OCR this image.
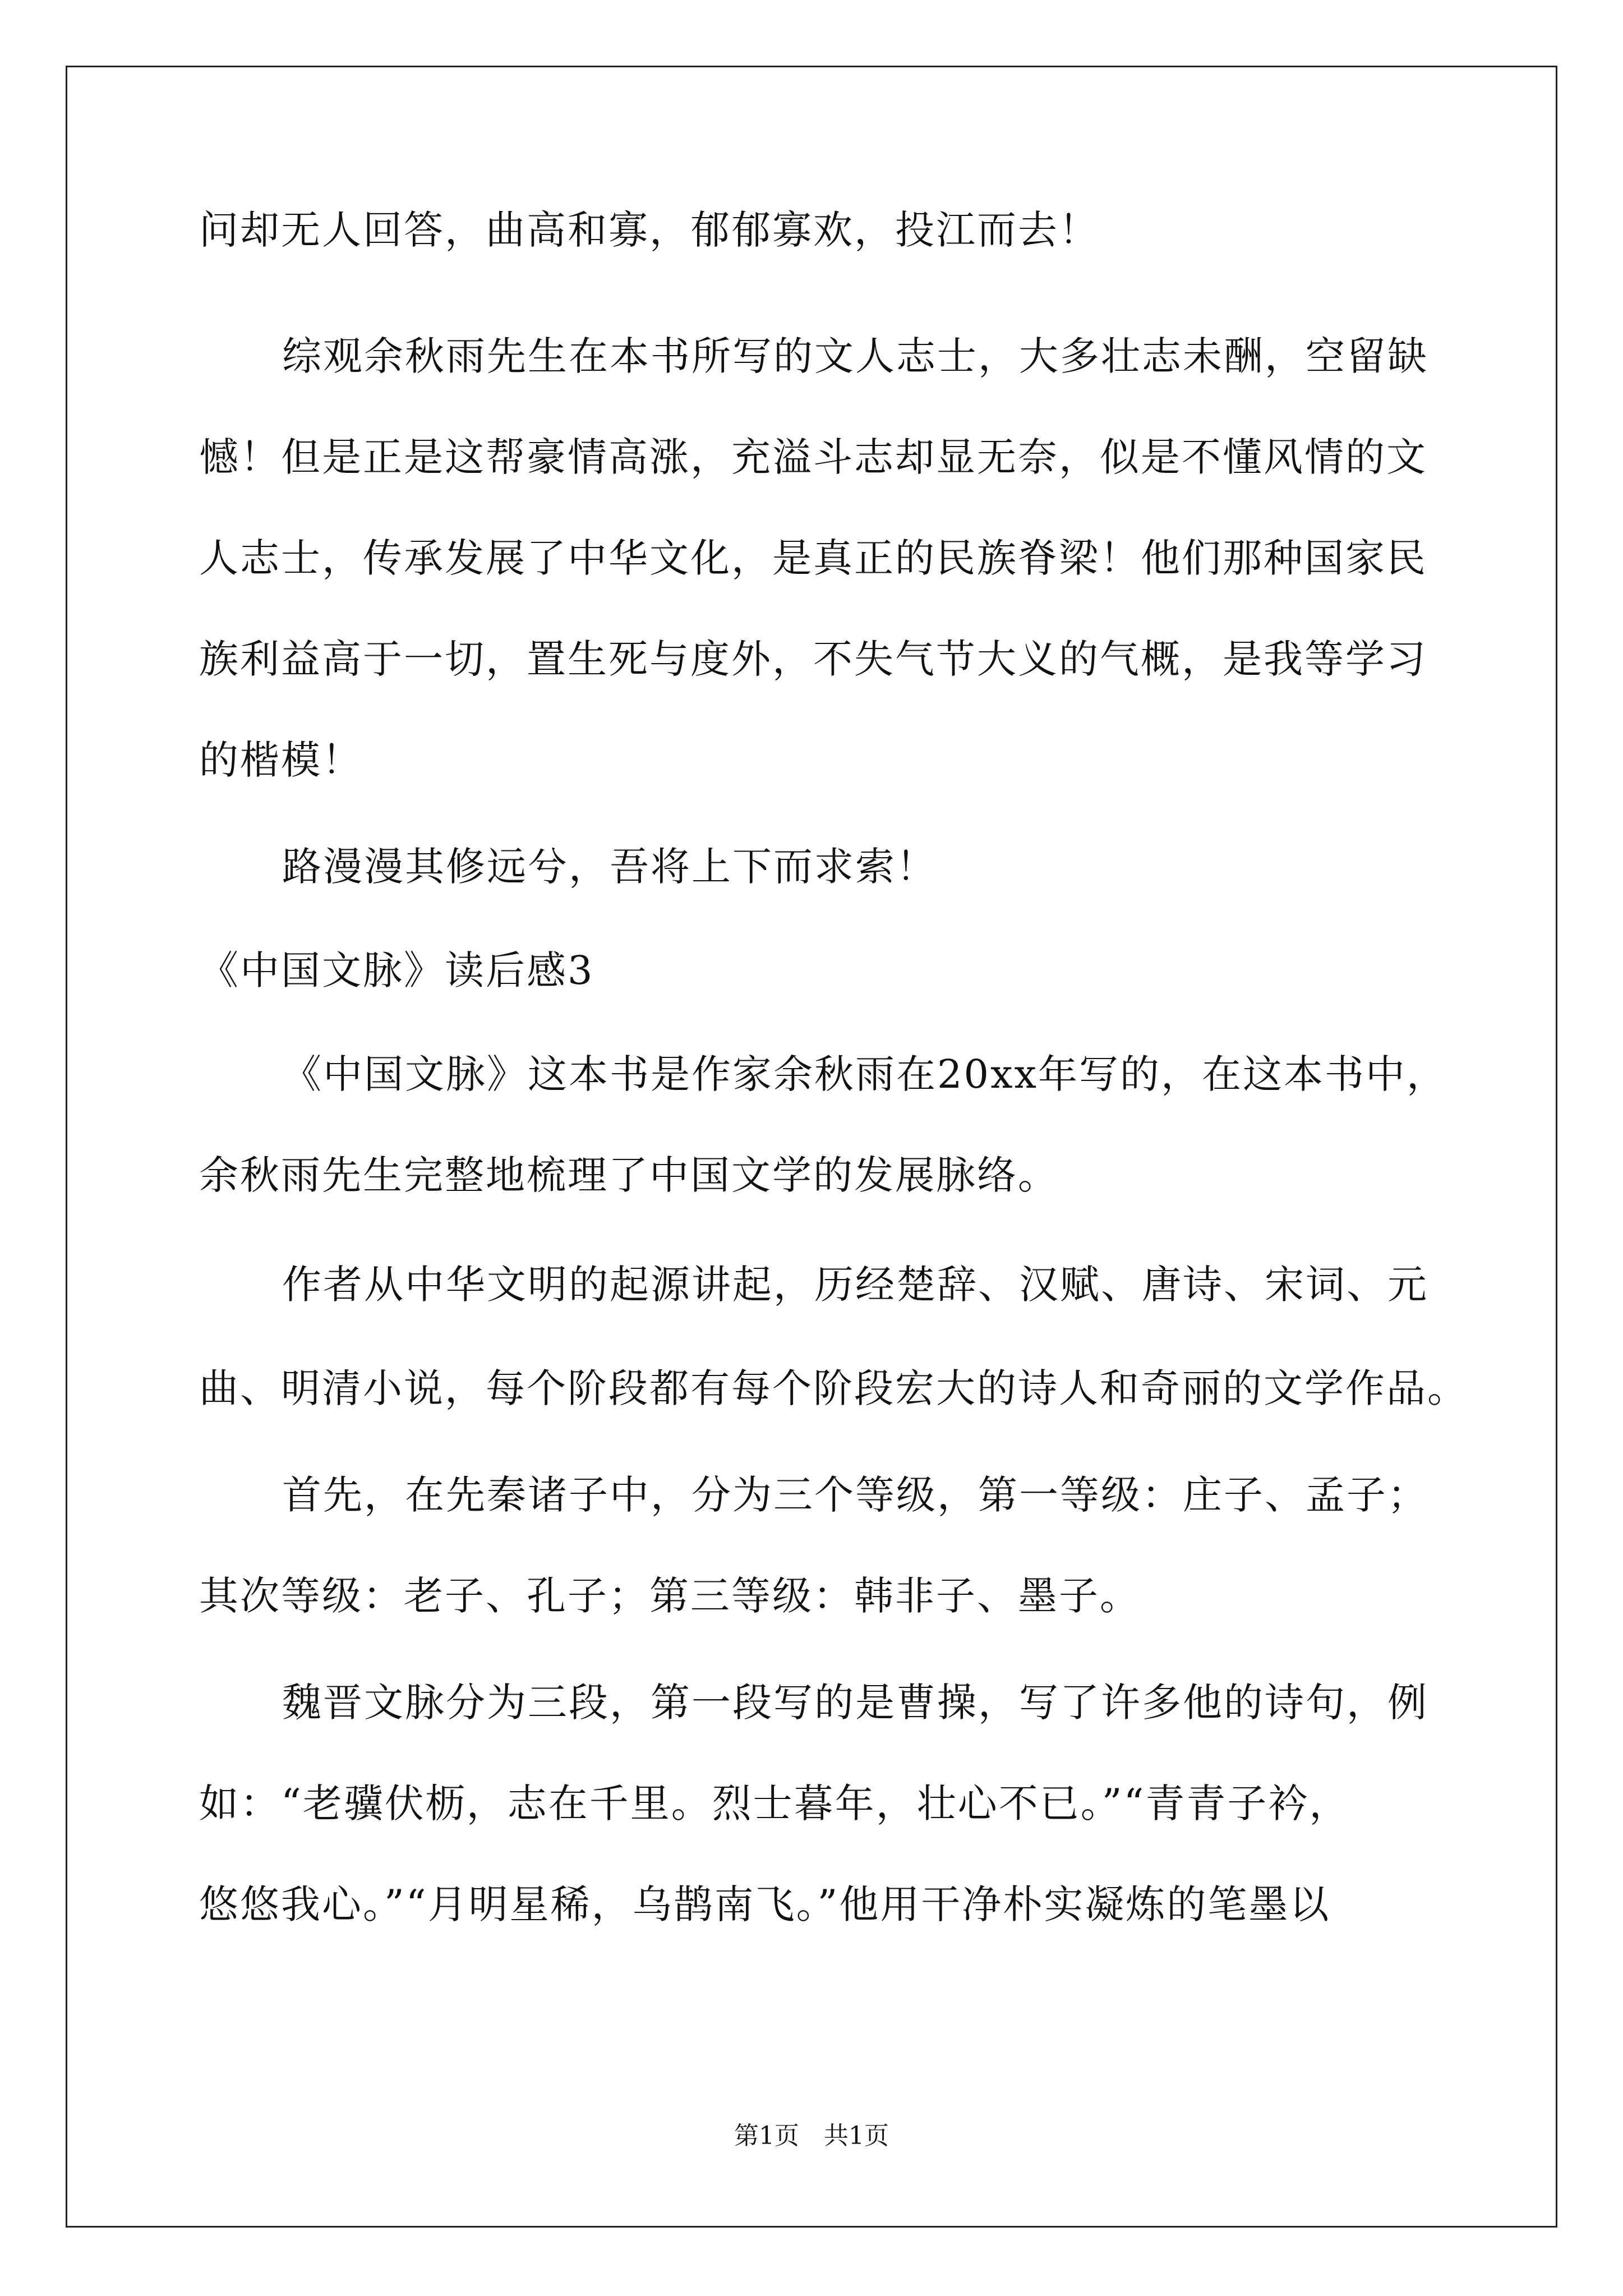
问却无人回答，曲高和寡，郁郁寡欢，投江而去！
综观余秋雨先生在本书所写的文人志士，大多壮志未酬，空留缺
憾！但是正是这帮豪情高涨，充溢斗志却显无奈，似是不懂风情的文
人志士，传承发展了中华文化，是真正的民族脊梁！他们那种国家民
族利益高于一切，置生死与度外，不失气节大义的气概，是我等学习
的楷模！
路漫漫其修远兮，吾将上下而求索！
《中国文脉》读后感3
《中国文脉》这本书是作家余秋雨在20xx年写的，在这本书中，
余秋雨先生完整地梳理了中国文学的发展脉络。
作者从中华文明的起源讲起，历经楚辞、汉赋、唐诗、宋词、元
曲、明清小说，每个阶段都有每个阶段宏大的诗人和奇丽的文学作品。
首先，在先秦诸子中，分为三个等级，第一等级：庄子、孟子；
其次等级：老子、孔子；第三等级：韩非子、墨子。
魏晋文脉分为三段，第一段写的是曹操，写了许多他的诗句，例
如：“老骥伏枥，志在千里。烈士暮年，壮心不已。”“青青子衿，
悠悠我心。”“月明星稀，乌鹊南飞。”他用干净朴实凝炼的笔墨以
第1页　共1页
